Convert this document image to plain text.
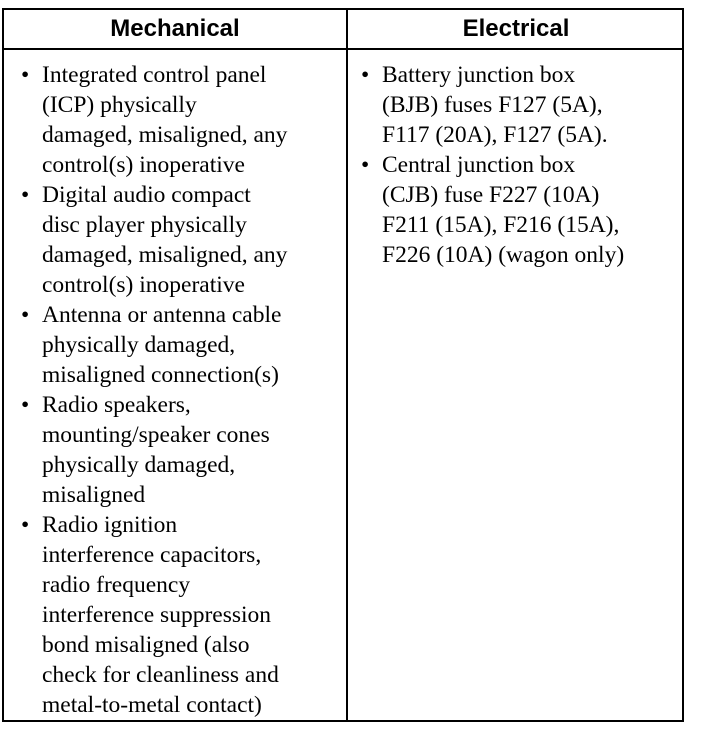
Mechanical	Electrical
• Integrated control panel
(ICP) physically
damaged, misaligned, any
control(s) inoperative
• Digital audio compact
disc player physically
damaged, misaligned, any
control(s) inoperative
• Antenna or antenna cable
physically damaged,
misaligned connection(s)
• Radio speakers,
mounting/speaker cones
physically damaged,
misaligned
• Radio ignition
interference capacitors,
radio frequency
interference suppression
bond misaligned (also
check for cleanliness and
metal-to-metal contact)
• Battery junction box
(BJB) fuses F127 (5A),
F117 (20A), F127 (5A).
• Central junction box
(CJB) fuse F227 (10A)
F211 (15A), F216 (15A),
F226 (10A) (wagon only)
